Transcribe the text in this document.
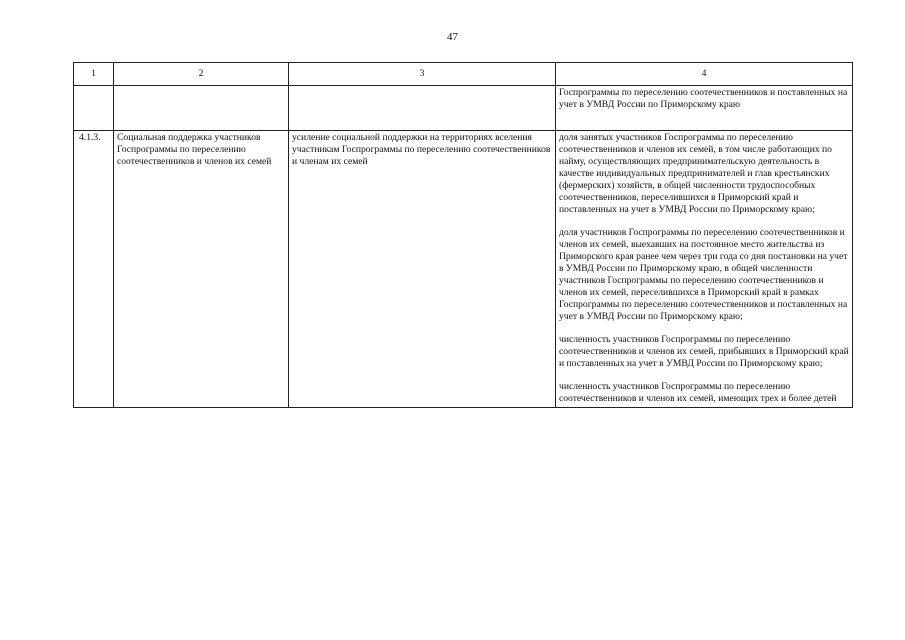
47
1	2	3	4
			Госпрограммы по переселению соотечественников и поставленных на учет в УМВД России по Приморскому краю
4.1.3.	Социальная поддержка участников Госпрограммы по переселению соотечественников и членов их семей	усиление социальной поддержки на территориях вселения участникам Госпрограммы по переселению соотечественников и членам их семей	доля занятых участников Госпрограммы по переселению соотечественников и членов их семей, в том числе работающих по найму, осуществляющих предпринимательскую деятельность в качестве индивидуальных предпринимателей и глав крестьянских (фермерских) хозяйств, в общей численности трудоспособных соотечественников, переселившихся в Приморский край и поставленных на учет в УМВД России по Приморскому краю;

доля участников Госпрограммы по переселению соотечественников и членов их семей, выехавших на постоянное место жительства из Приморского края ранее чем через три года со дня постановки на учет в УМВД России по Приморскому краю, в общей численности участников Госпрограммы по переселению соотечественников и членов их семей, переселившихся в Приморский край в рамках Госпрограммы по переселению соотечественников и поставленных на учет в УМВД России по Приморскому краю;

численность участников Госпрограммы по переселению соотечественников и членов их семей, прибывших в Приморский край и поставленных на учет в УМВД России по Приморскому краю;

численность участников Госпрограммы по переселению соотечественников и членов их семей, имеющих трех и более детей
